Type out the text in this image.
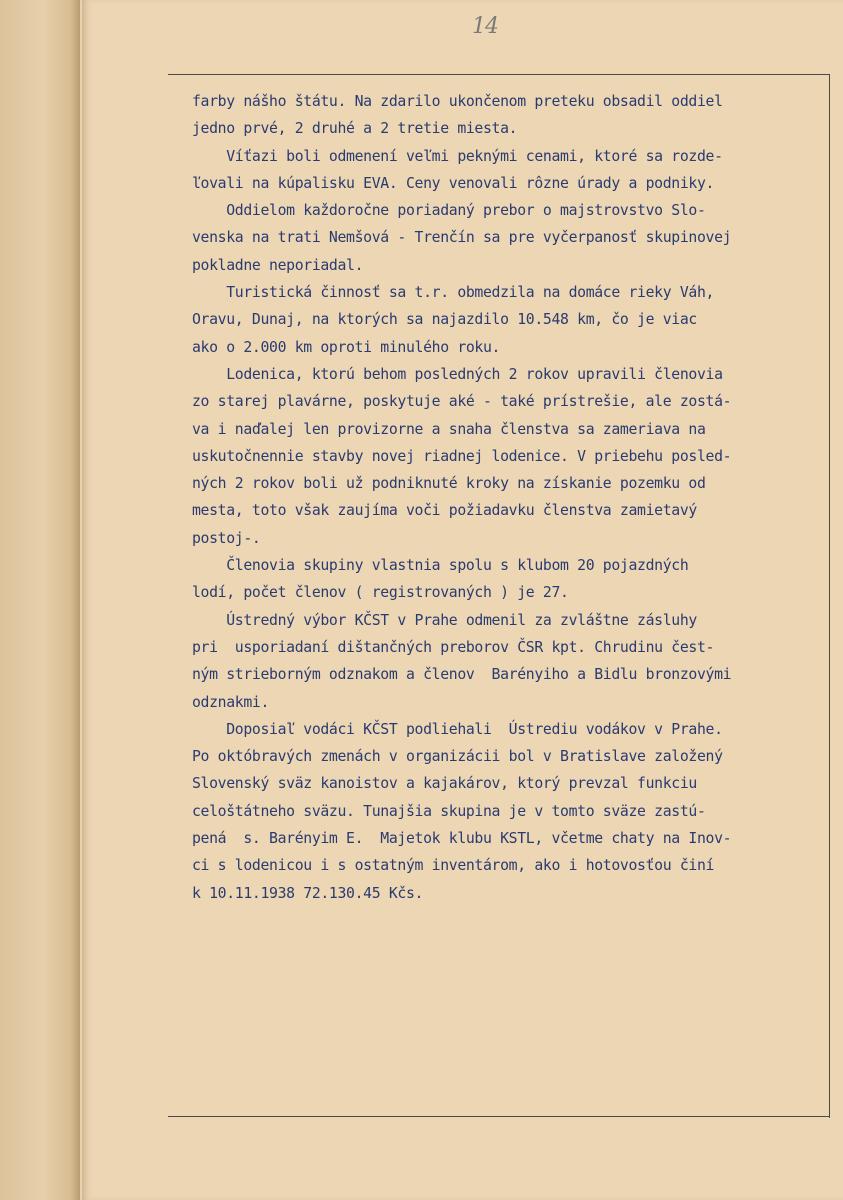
14
farby nášho štátu. Na zdarilo ukončenom preteku obsadil oddiel
jedno prvé, 2 druhé a 2 tretie miesta.
Víťazi boli odmenení veľmi peknými cenami, ktoré sa rozde-
ľovali na kúpalisku EVA. Ceny venovali rôzne úrady a podniky.
Oddielom každoročne poriadaný prebor o majstrovstvo Slo-
venska na trati Nemšová - Trenčín sa pre vyčerpanosť skupinovej
pokladne neporiadal.
Turistická činnosť sa t.r. obmedzila na domáce rieky Váh,
Oravu, Dunaj, na ktorých sa najazdilo 10.548 km, čo je viac
ako o 2.000 km oproti minulého roku.
Lodenica, ktorú behom posledných 2 rokov upravili členovia
zo starej plavárne, poskytuje aké - také prístrešie, ale zostá-
va i naďalej len provizorne a snaha členstva sa zameriava na
uskutočnennie stavby novej riadnej lodenice. V priebehu posled-
ných 2 rokov boli už podniknuté kroky na získanie pozemku od
mesta, toto však zaujíma voči požiadavku členstva zamietavý
postoj-.
Členovia skupiny vlastnia spolu s klubom 20 pojazdných
lodí, počet členov ( registrovaných ) je 27.
Ústredný výbor KČST v Prahe odmenil za zvláštne zásluhy
pri  usporiadaní dištančných preborov ČSR kpt. Chrudinu čest-
ným strieborným odznakom a členov  Barényiho a Bidlu bronzovými
odznakmi.
Doposiaľ vodáci KČST podliehali  Ústrediu vodákov v Prahe.
Po októbravých zmenách v organizácii bol v Bratislave založený
Slovenský sväz kanoistov a kajakárov, ktorý prevzal funkciu
celoštátneho sväzu. Tunajšia skupina je v tomto sväze zastú-
pená  s. Barényim E.  Majetok klubu KSTL, včetme chaty na Inov-
ci s lodenicou i s ostatným inventárom, ako i hotovosťou činí
k 10.11.1938 72.130.45 Kčs.
